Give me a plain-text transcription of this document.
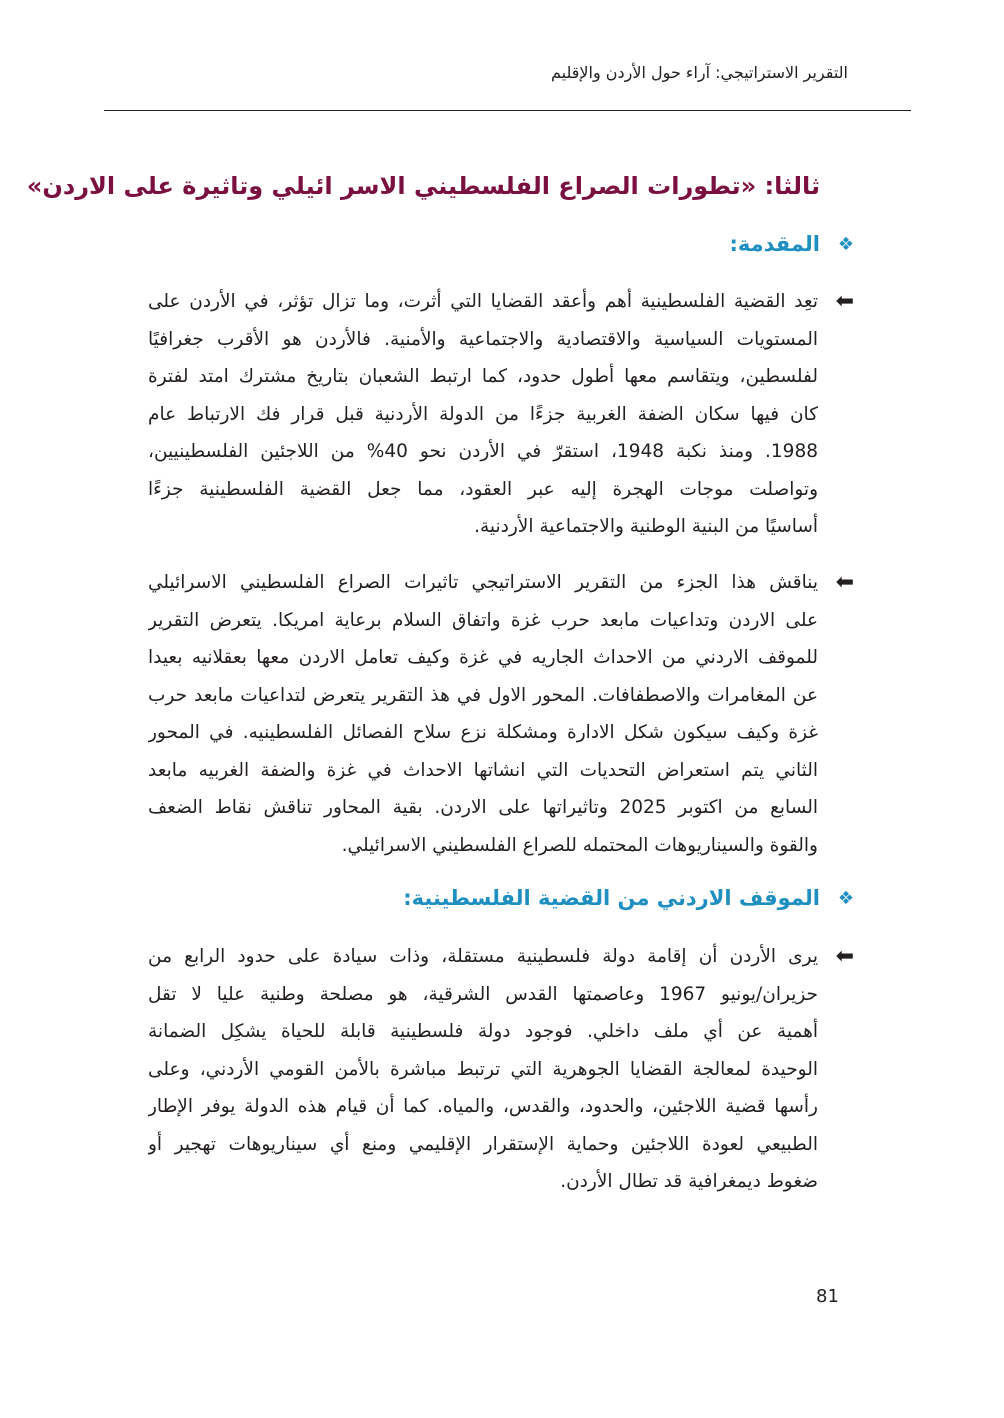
التقرير الاستراتيجي: آراء حول الأردن والإقليم
ثالثا: «تطورات الصراع الفلسطيني الاسر ائيلي وتاثيرة على الاردن»
❖
المقدمة:
⬅
تعِد القضية الفلسطينية أهم وأعقد القضايا التي أثرت، وما تزال تؤثر، في الأردن على
المستويات السياسية والاقتصادية والاجتماعية والأمنية. فالأردن هو الأقرب جغرافيًا
لفلسطين، ويتقاسم معها أطول حدود، كما ارتبط الشعبان بتاريخ مشترك امتد لفترة
كان فيها سكان الضفة الغربية جزءًا من الدولة الأردنية قبل قرار فك الارتباط عام
1988. ومنذ نكبة 1948، استقرّ في الأردن نحو 40% من اللاجئين الفلسطينيين،
وتواصلت موجات الهجرة إليه عبر العقود، مما جعل القضية الفلسطينية جزءًا
أساسيًا من البنية الوطنية والاجتماعية الأردنية.
⬅
يناقش هذا الجزء من التقرير الاستراتيجي تاثيرات الصراع الفلسطيني الاسرائيلي
على الاردن وتداعيات مابعد حرب غزة واتفاق السلام برعاية امريكا. يتعرض التقرير
للموقف الاردني من الاحداث الجاريه في غزة وكيف تعامل الاردن معها بعقلانيه بعيدا
عن المغامرات والاصطفافات. المحور الاول في هذ التقرير يتعرض لتداعيات مابعد حرب
غزة وكيف سيكون شكل الادارة ومشكلة نزع سلاح الفصائل الفلسطينيه. في المحور
الثاني يتم استعراض التحديات التي انشاتها الاحداث في غزة والضفة الغربيه مابعد
السابع من اكتوبر 2025 وتاثيراتها على الاردن. بقية المحاور تناقش نقاط الضعف
والقوة والسيناريوهات المحتمله للصراع الفلسطيني الاسرائيلي.
❖
الموقف الاردني من القضية الفلسطينية:
⬅
يرى الأردن أن إقامة دولة فلسطينية مستقلة، وذات سيادة على حدود الرابع من
حزيران/يونيو 1967 وعاصمتها القدس الشرقية، هو مصلحة وطنية عليا لا تقل
أهمية عن أي ملف داخلي. فوجود دولة فلسطينية قابلة للحياة يشكِل الضمانة
الوحيدة لمعالجة القضايا الجوهرية التي ترتبط مباشرة بالأمن القومي الأردني، وعلى
رأسها قضية اللاجئين، والحدود، والقدس، والمياه. كما أن قيام هذه الدولة يوفر الإطار
الطبيعي لعودة اللاجئين وحماية الإستقرار الإقليمي ومنع أي سيناريوهات تهجير أو
ضغوط ديمغرافية قد تطال الأردن.
81
